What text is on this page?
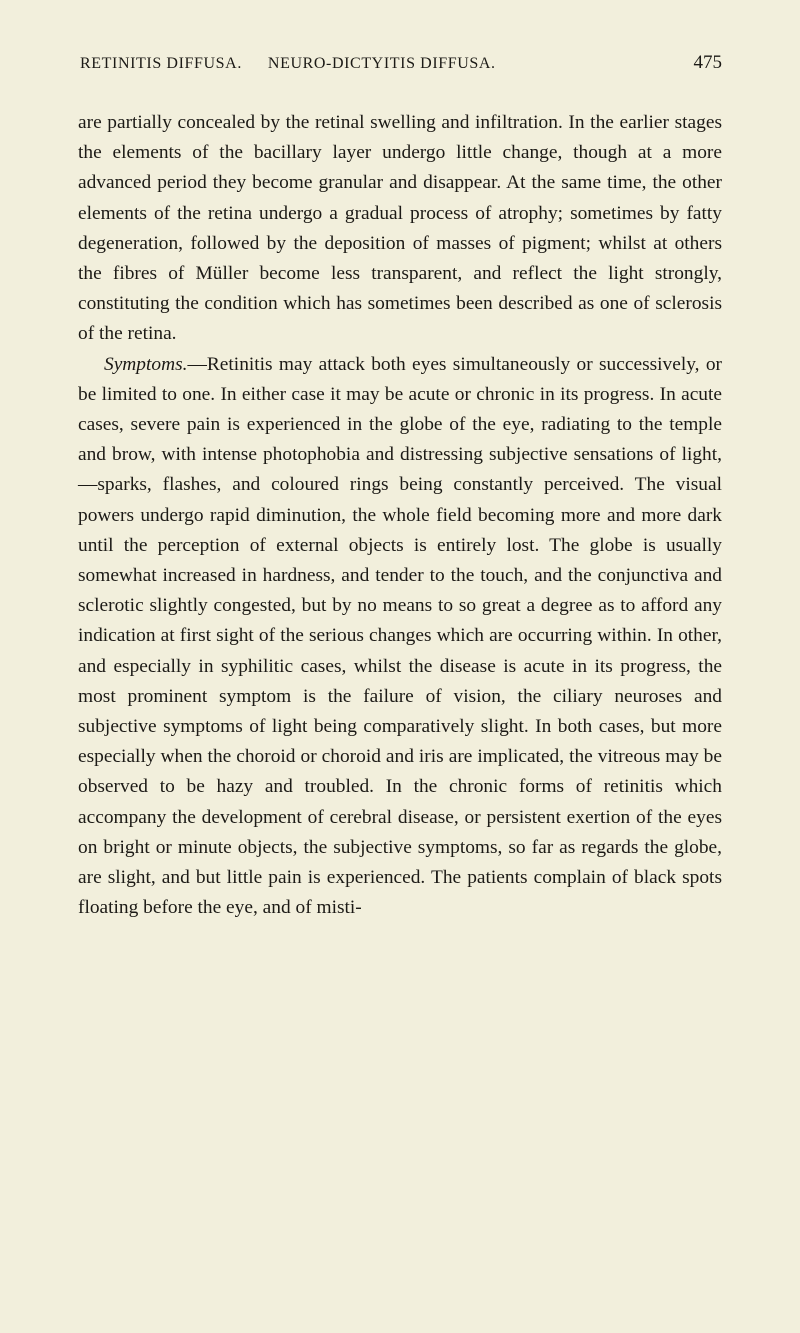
RETINITIS DIFFUSA. NEURO-DICTYITIS DIFFUSA.	475

are partially concealed by the retinal swelling and infiltration. In the earlier stages the elements of the bacillary layer undergo little change, though at a more advanced period they become granular and disappear. At the same time, the other elements of the retina undergo a gradual process of atrophy; sometimes by fatty degeneration, followed by the deposition of masses of pigment; whilst at others the fibres of Müller become less transparent, and reflect the light strongly, constituting the condition which has sometimes been described as one of sclerosis of the retina.

Symptoms.—Retinitis may attack both eyes simultaneously or successively, or be limited to one. In either case it may be acute or chronic in its progress. In acute cases, severe pain is experienced in the globe of the eye, radiating to the temple and brow, with intense photophobia and distressing subjective sensations of light,—sparks, flashes, and coloured rings being constantly perceived. The visual powers undergo rapid diminution, the whole field becoming more and more dark until the perception of external objects is entirely lost. The globe is usually somewhat increased in hardness, and tender to the touch, and the conjunctiva and sclerotic slightly congested, but by no means to so great a degree as to afford any indication at first sight of the serious changes which are occurring within. In other, and especially in syphilitic cases, whilst the disease is acute in its progress, the most prominent symptom is the failure of vision, the ciliary neuroses and subjective symptoms of light being comparatively slight. In both cases, but more especially when the choroid or choroid and iris are implicated, the vitreous may be observed to be hazy and troubled. In the chronic forms of retinitis which accompany the development of cerebral disease, or persistent exertion of the eyes on bright or minute objects, the subjective symptoms, so far as regards the globe, are slight, and but little pain is experienced. The patients complain of black spots floating before the eye, and of misti-
